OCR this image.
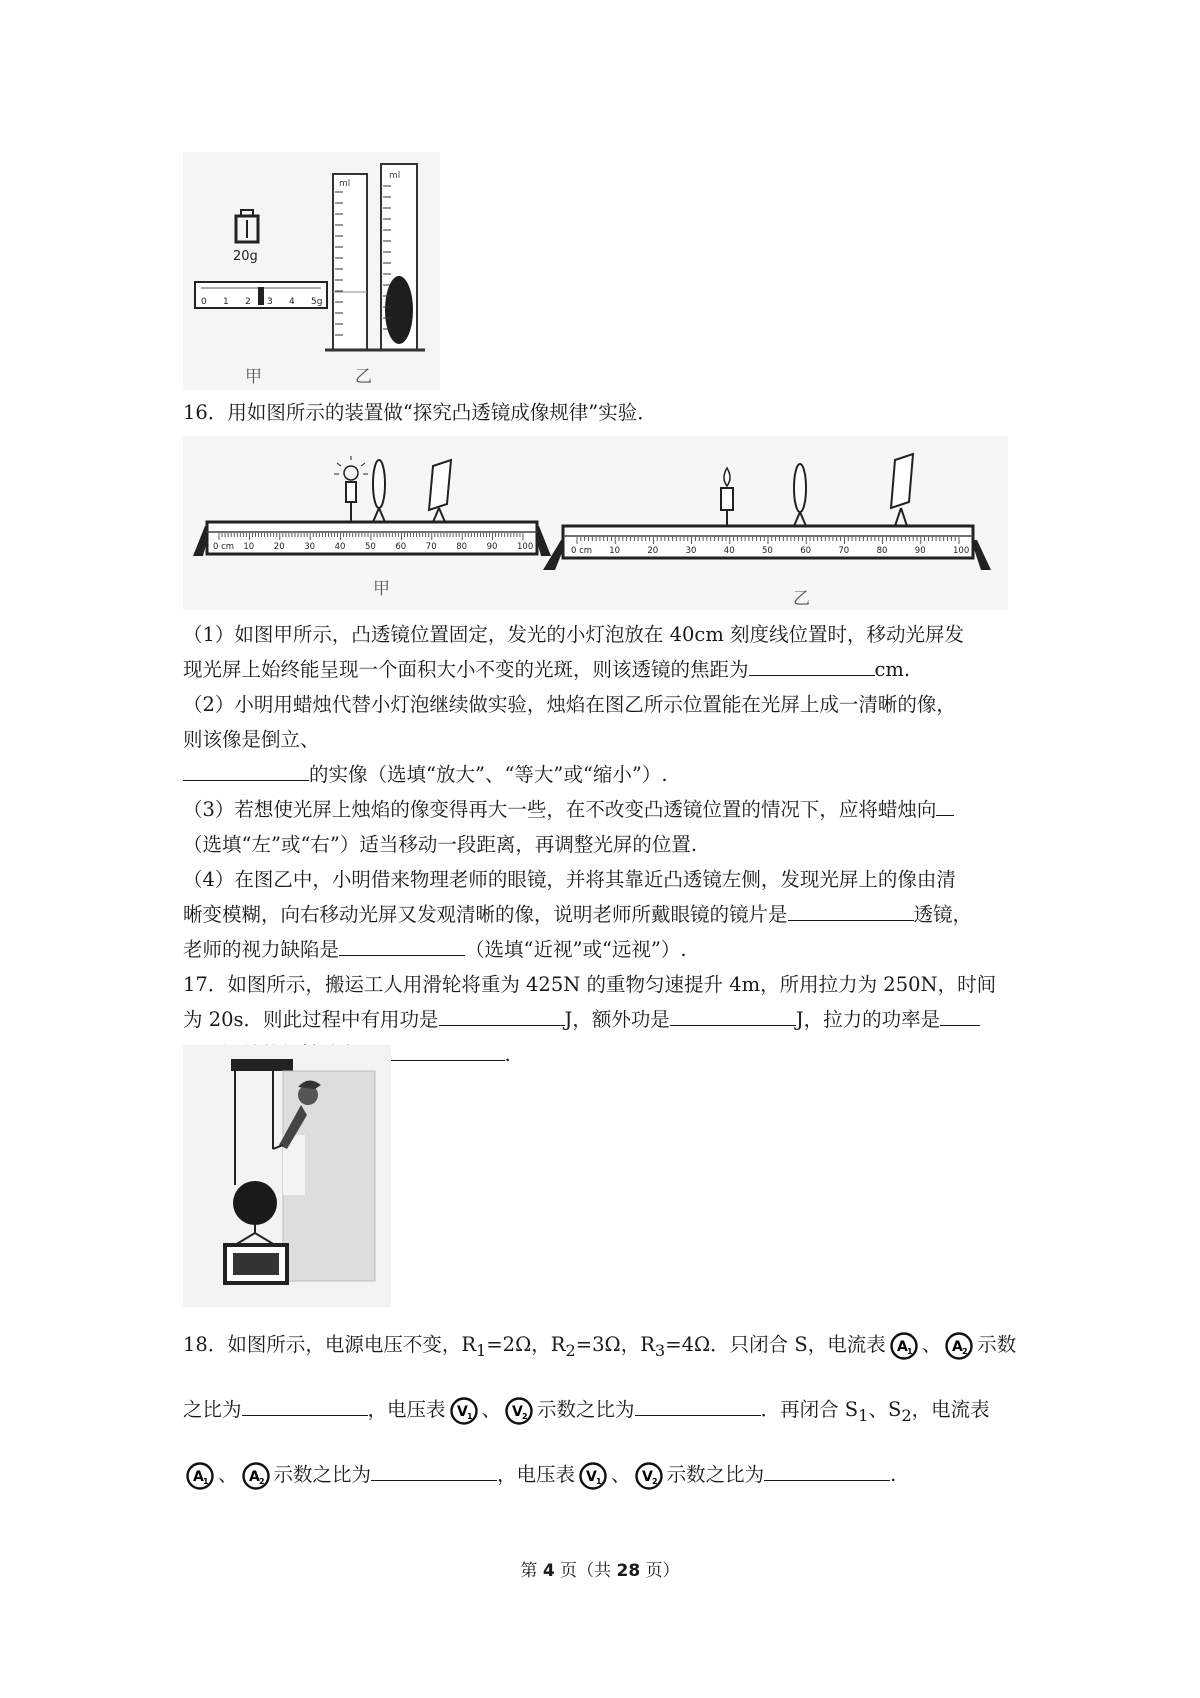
20g
0 1 2 3 4 5g
ml
ml
甲	乙
16．用如图所示的装置做“探究凸透镜成像规律”实验．
0 cm 10 20 30 40 50 60 70 80 90 100	0 cm 10	20	30	40	50	60	70	80	90	100
甲	乙
（1）如图甲所示，凸透镜位置固定，发光的小灯泡放在 40cm 刻度线位置时，移动光屏发
现光屏上始终能呈现一个面积大小不变的光斑，则该透镜的焦距为	cm.
（2）小明用蜡烛代替小灯泡继续做实验，烛焰在图乙所示位置能在光屏上成一清晰的像，
则该像是倒立、
的实像（选填“放大”、“等大”或“缩小”）.
（3）若想使光屏上烛焰的像变得再大一些，在不改变凸透镜位置的情况下，应将蜡烛向
（选填“左”或“右”）适当移动一段距离，再调整光屏的位置.
（4）在图乙中，小明借来物理老师的眼镜，并将其靠近凸透镜左侧，发现光屏上的像由清
晰变模糊，向右移动光屏又发观清晰的像，说明老师所戴眼镜的镜片是	透镜，
老师的视力缺陷是	（选填“近视”或“远视”）.
17．如图所示，搬运工人用滑轮将重为 425N 的重物匀速提升 4m，所用拉力为 250N，时间
为 20s．则此过程中有用功是	J，额外功是	J，拉力的功率是
.
18．如图所示，电源电压不变，$R_1=2\Omega$，$R_2=3\Omega$，$R_3=4\Omega$．只闭合 S，电流表 A 1 、 A 2 示数
之比为	，电压表 V 1 、 V 2 示数之比为	．再闭合 $S_1$、$S_2$，电流表
A 1 、 A 2 示数之比为	，电压表 V 1 、 V 2 示数之比为	.
第 4 页（共 28 页）
